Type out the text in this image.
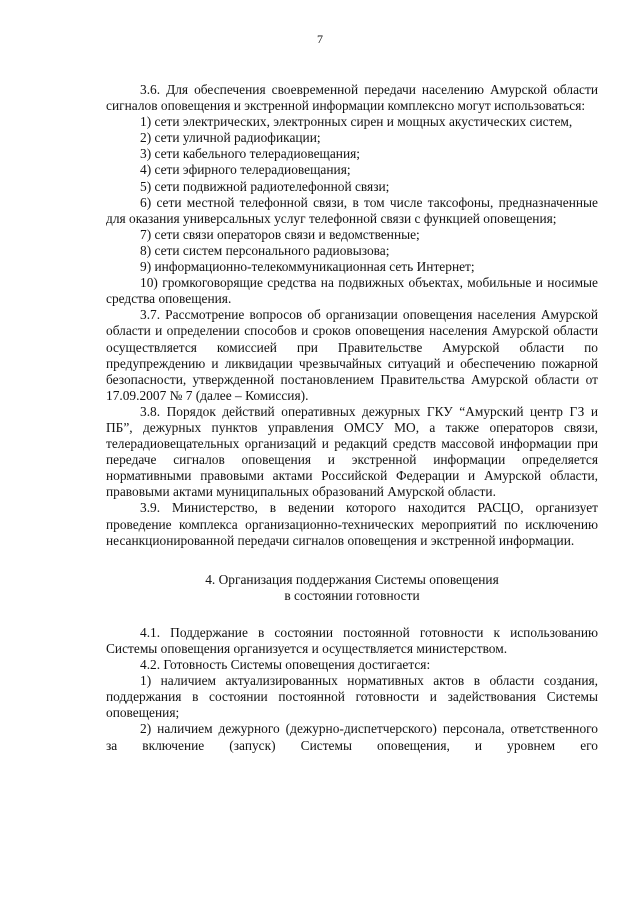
7

3.6. Для обеспечения своевременной передачи населению Амурской области сигналов оповещения и экстренной информации комплексно могут использоваться:

1) сети электрических, электронных сирен и мощных акустических систем,

2) сети уличной радиофикации;

3) сети кабельного телерадиовещания;

4) сети эфирного телерадиовещания;

5) сети подвижной радиотелефонной связи;

6) сети местной телефонной связи, в том числе таксофоны, предназначенные для оказания универсальных услуг телефонной связи с функцией оповещения;

7) сети связи операторов связи и ведомственные;

8) сети систем персонального радиовызова;

9) информационно-телекоммуникационная сеть Интернет;

10) громкоговорящие средства на подвижных объектах, мобильные и носимые средства оповещения.

3.7. Рассмотрение вопросов об организации оповещения населения Амурской области и определении способов и сроков оповещения населения Амурской области осуществляется комиссией при Правительстве Амурской области по предупреждению и ликвидации чрезвычайных ситуаций и обеспечению пожарной безопасности, утвержденной постановлением Правительства Амурской области от 17.09.2007 № 7 (далее – Комиссия).

3.8. Порядок действий оперативных дежурных ГКУ “Амурский центр ГЗ и ПБ”, дежурных пунктов управления ОМСУ МО, а также операторов связи, телерадиовещательных организаций и редакций средств массовой информации при передаче сигналов оповещения и экстренной информации определяется нормативными правовыми актами Российской Федерации и Амурской области, правовыми актами муниципальных образований Амурской области.

3.9. Министерство, в ведении которого находится РАСЦО, организует проведение комплекса организационно-технических мероприятий по исключению несанкционированной передачи сигналов оповещения и экстренной информации.

4. Организация поддержания Системы оповещения

в состоянии готовности

4.1. Поддержание в состоянии постоянной готовности к использованию Системы оповещения организуется и осуществляется министерством.

4.2. Готовность Системы оповещения достигается:

1) наличием актуализированных нормативных актов в области создания, поддержания в состоянии постоянной готовности и задействования Системы оповещения;

2) наличием дежурного (дежурно-диспетчерского) персонала, ответственного за включение (запуск) Системы оповещения, и уровнем его
